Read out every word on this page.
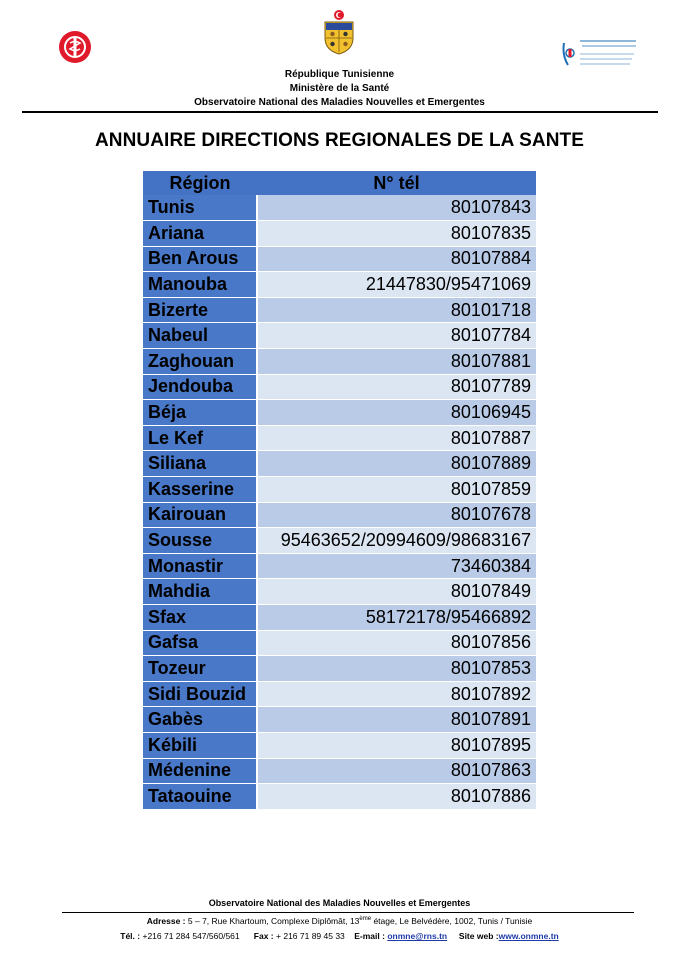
République Tunisienne
Ministère de la Santé
Observatoire National des Maladies Nouvelles et Emergentes
ANNUAIRE DIRECTIONS REGIONALES DE LA SANTE
Région	N° tél
Tunis	80107843
Ariana	80107835
Ben Arous	80107884
Manouba	21447830/95471069
Bizerte	80101718
Nabeul	80107784
Zaghouan	80107881
Jendouba	80107789
Béja	80106945
Le Kef	80107887
Siliana	80107889
Kasserine	80107859
Kairouan	80107678
Sousse	95463652/20994609/98683167
Monastir	73460384
Mahdia	80107849
Sfax	58172178/95466892
Gafsa	80107856
Tozeur	80107853
Sidi Bouzid	80107892
Gabès	80107891
Kébili	80107895
Médenine	80107863
Tataouine	80107886
Observatoire National des Maladies Nouvelles et Emergentes
Adresse : 5 – 7, Rue Khartoum, Complexe Diplômât, 13ème étage, Le Belvédère, 1002, Tunis / Tunisie
Tél. : +216 71 284 547/560/561 Fax : + 216 71 89 45 33 E-mail : onmne@rns.tn Site web :www.onmne.tn
